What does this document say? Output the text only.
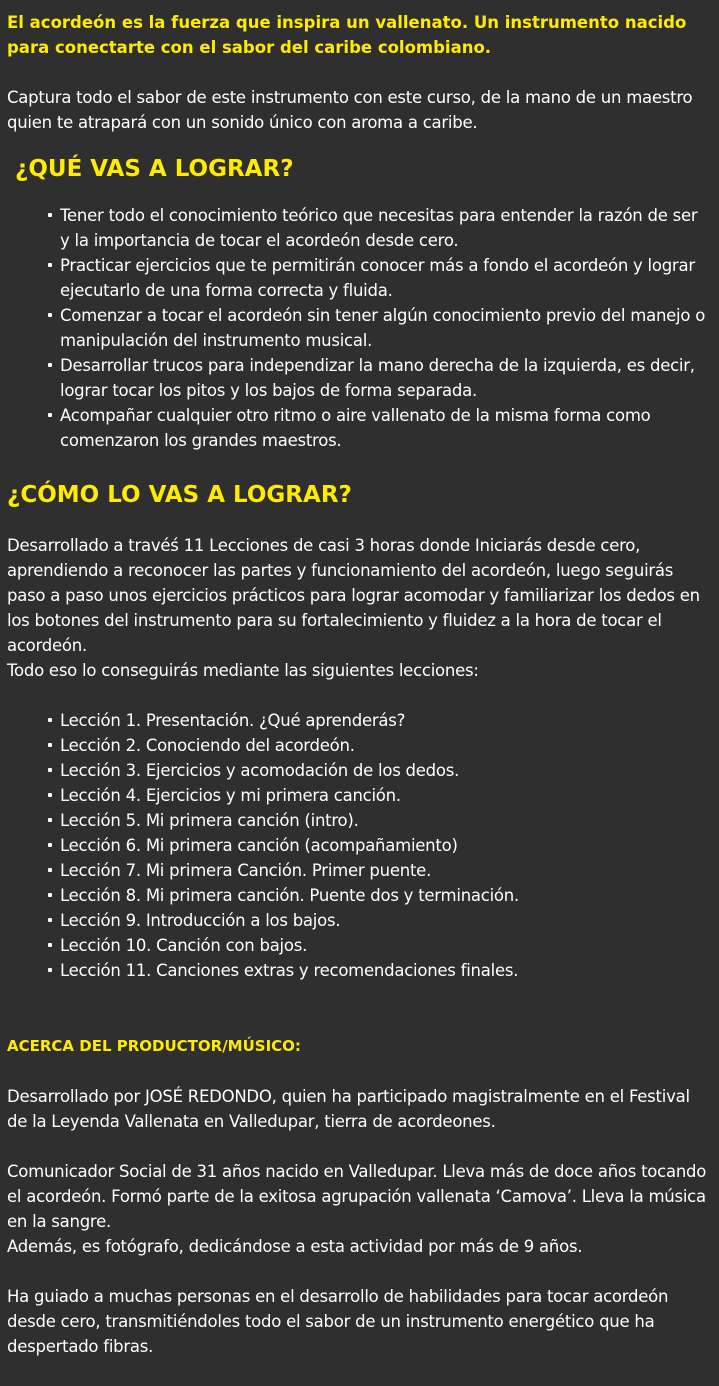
El acordeón es la fuerza que inspira un vallenato. Un instrumento nacido para conectarte con el sabor del caribe colombiano.
Captura todo el sabor de este instrumento con este curso, de la mano de un maestro quien te atrapará con un sonido único con aroma a caribe.
¿QUÉ VAS A LOGRAR?
Tener todo el conocimiento teórico que necesitas para entender la razón de ser y la importancia de tocar el acordeón desde cero.
Practicar ejercicios que te permitirán conocer más a fondo el acordeón y lograr ejecutarlo de una forma correcta y fluida.
Comenzar a tocar el acordeón sin tener algún conocimiento previo del manejo o manipulación del instrumento musical.
Desarrollar trucos para independizar la mano derecha de la izquierda, es decir, lograr tocar los pitos y los bajos de forma separada.
Acompañar cualquier otro ritmo o aire vallenato de la misma forma como comenzaron los grandes maestros.
¿CÓMO LO VAS A LOGRAR?
Desarrollado a travéś 11 Lecciones de casi 3 horas donde Iniciarás desde cero, aprendiendo a reconocer las partes y funcionamiento del acordeón, luego seguirás paso a paso unos ejercicios prácticos para lograr acomodar y familiarizar los dedos en los botones del instrumento para su fortalecimiento y fluidez a la hora de tocar el acordeón.
Todo eso lo conseguirás mediante las siguientes lecciones:
Lección 1. Presentación. ¿Qué aprenderás?
Lección 2. Conociendo del acordeón.
Lección 3. Ejercicios y acomodación de los dedos.
Lección 4. Ejercicios y mi primera canción.
Lección 5. Mi primera canción (intro).
Lección 6. Mi primera canción (acompañamiento)
Lección 7. Mi primera Canción. Primer puente.
Lección 8. Mi primera canción. Puente dos y terminación.
Lección 9. Introducción a los bajos.
Lección 10. Canción con bajos.
Lección 11. Canciones extras y recomendaciones finales.
ACERCA DEL PRODUCTOR/MÚSICO:
Desarrollado por JOSÉ REDONDO, quien ha participado magistralmente en el Festival de la Leyenda Vallenata en Valledupar, tierra de acordeones.
Comunicador Social de 31 años nacido en Valledupar. Lleva más de doce años tocando el acordeón. Formó parte de la exitosa agrupación vallenata ‘Camova’. Lleva la música en la sangre.
Además, es fotógrafo, dedicándose a esta actividad por más de 9 años.
Ha guiado a muchas personas en el desarrollo de habilidades para tocar acordeón desde cero, transmitiéndoles todo el sabor de un instrumento energético que ha despertado fibras.
